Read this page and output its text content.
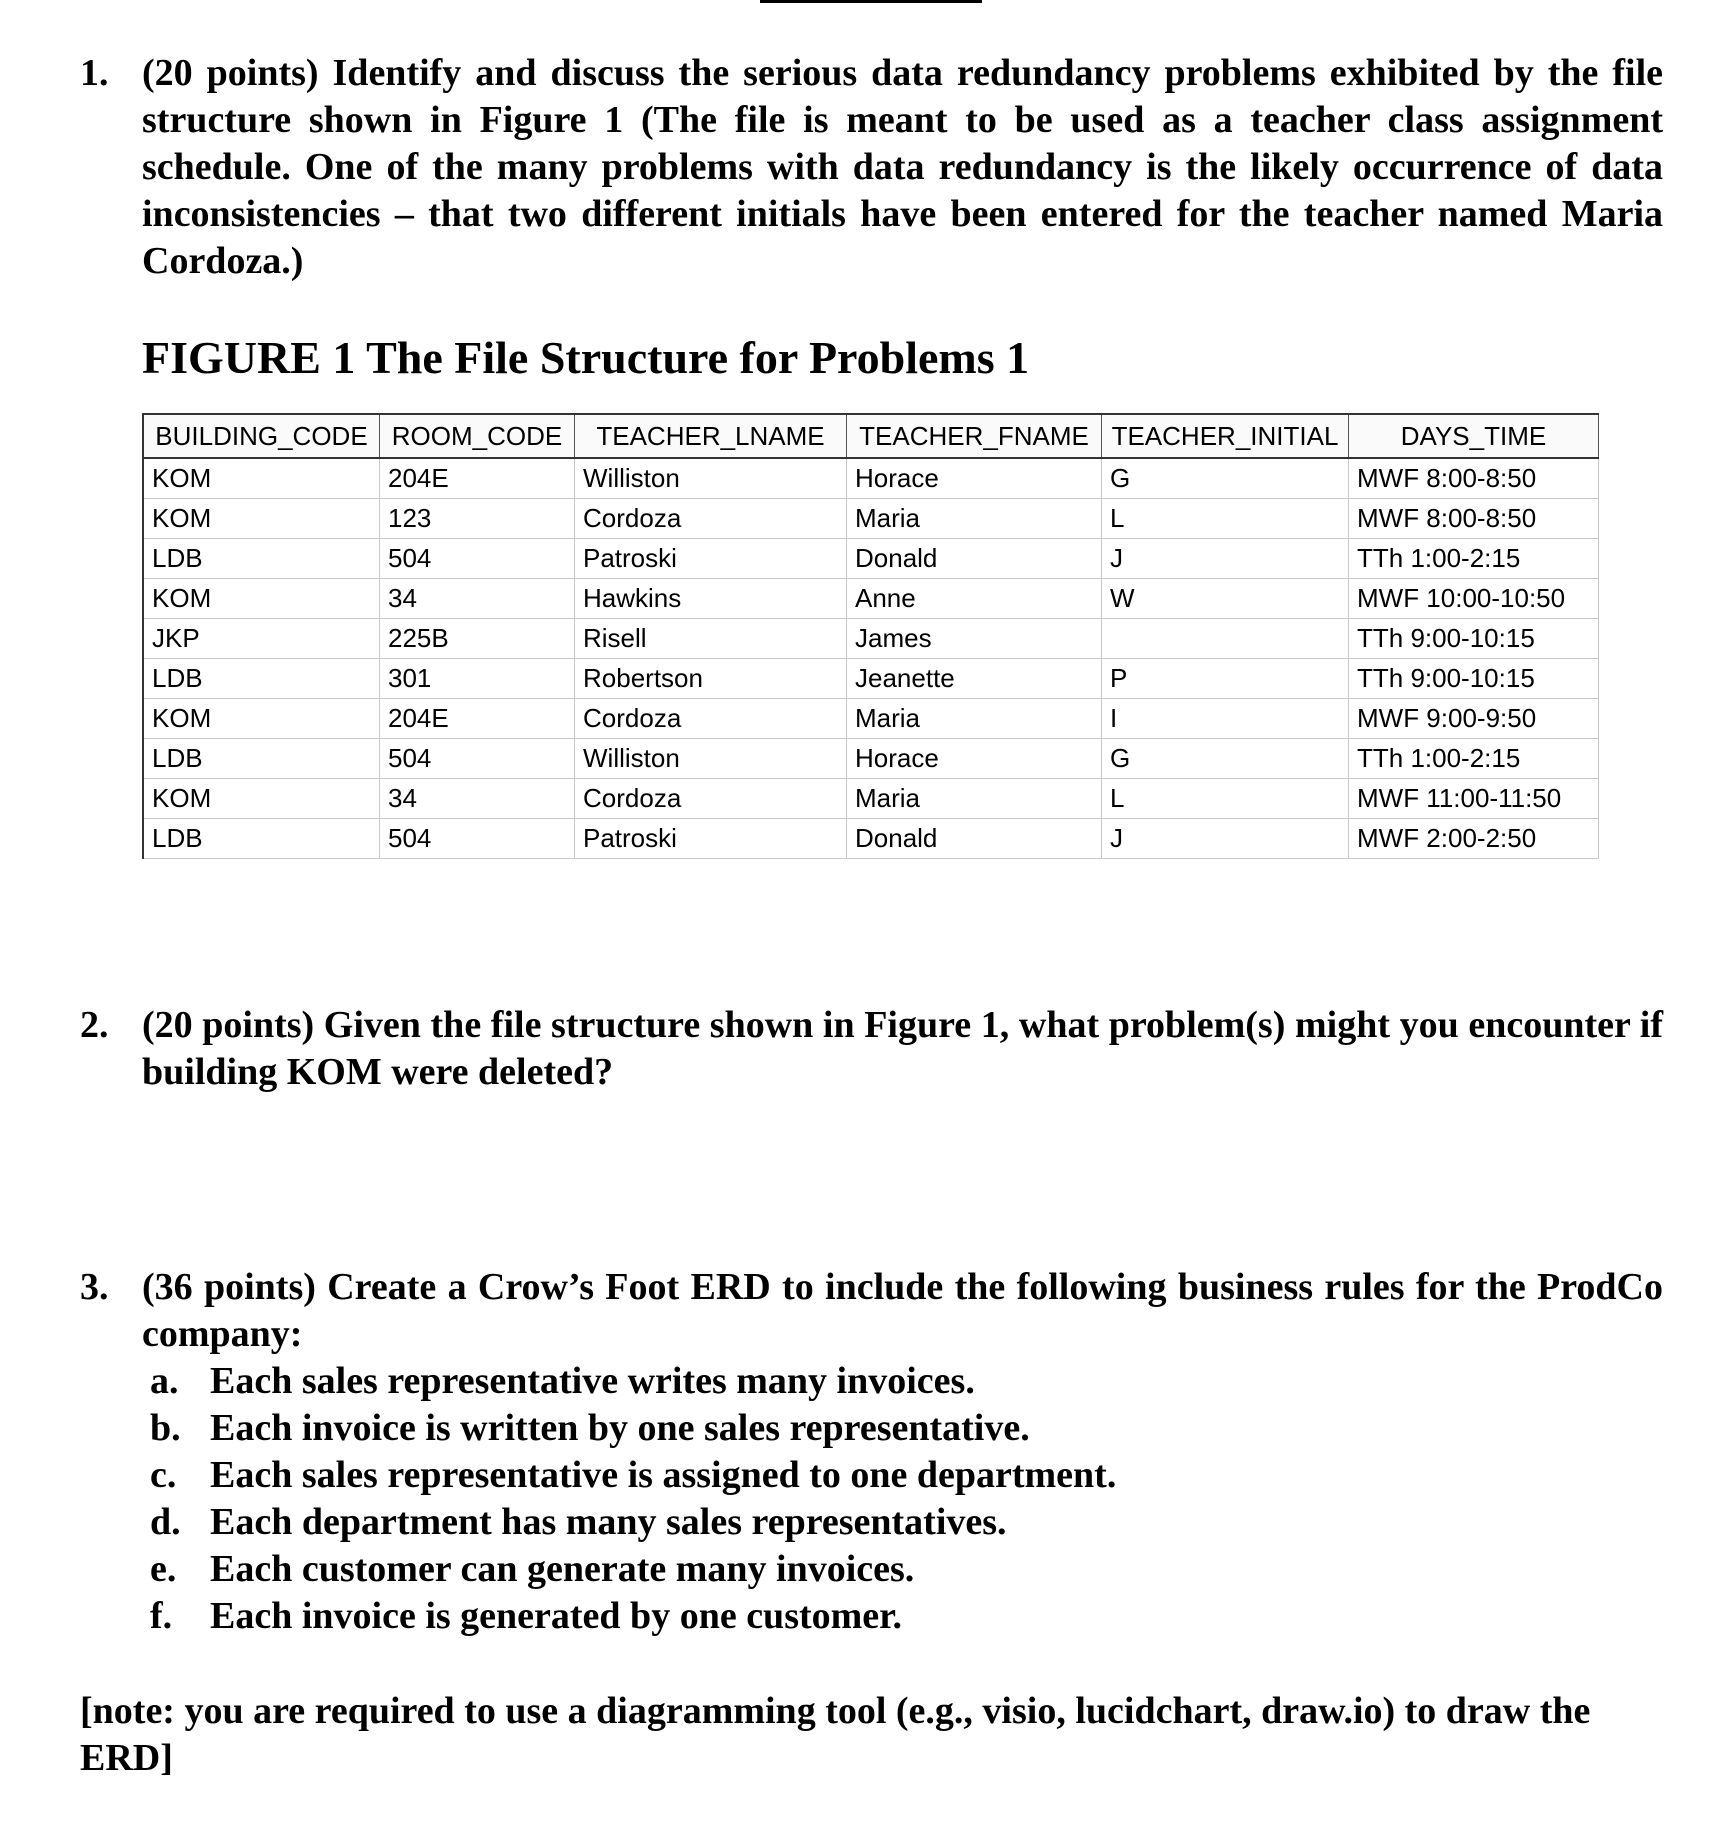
1. (20 points) Identify and discuss the serious data redundancy problems exhibited by the file structure shown in Figure 1 (The file is meant to be used as a teacher class assignment schedule. One of the many problems with data redundancy is the likely occurrence of data inconsistencies – that two different initials have been entered for the teacher named Maria Cordoza.)
FIGURE 1 The File Structure for Problems 1
BUILDING_CODE	ROOM_CODE	TEACHER_LNAME	TEACHER_FNAME	TEACHER_INITIAL	DAYS_TIME
KOM	204E	Williston	Horace	G	MWF 8:00-8:50
KOM	123	Cordoza	Maria	L	MWF 8:00-8:50
LDB	504	Patroski	Donald	J	TTh 1:00-2:15
KOM	34	Hawkins	Anne	W	MWF 10:00-10:50
JKP	225B	Risell	James		TTh 9:00-10:15
LDB	301	Robertson	Jeanette	P	TTh 9:00-10:15
KOM	204E	Cordoza	Maria	I	MWF 9:00-9:50
LDB	504	Williston	Horace	G	TTh 1:00-2:15
KOM	34	Cordoza	Maria	L	MWF 11:00-11:50
LDB	504	Patroski	Donald	J	MWF 2:00-2:50
2. (20 points) Given the file structure shown in Figure 1, what problem(s) might you encounter if building KOM were deleted?
3. (36 points) Create a Crow’s Foot ERD to include the following business rules for the ProdCo company:
a. Each sales representative writes many invoices.
b. Each invoice is written by one sales representative.
c. Each sales representative is assigned to one department.
d. Each department has many sales representatives.
e. Each customer can generate many invoices.
f. Each invoice is generated by one customer.
[note: you are required to use a diagramming tool (e.g., visio, lucidchart, draw.io) to draw the ERD]
